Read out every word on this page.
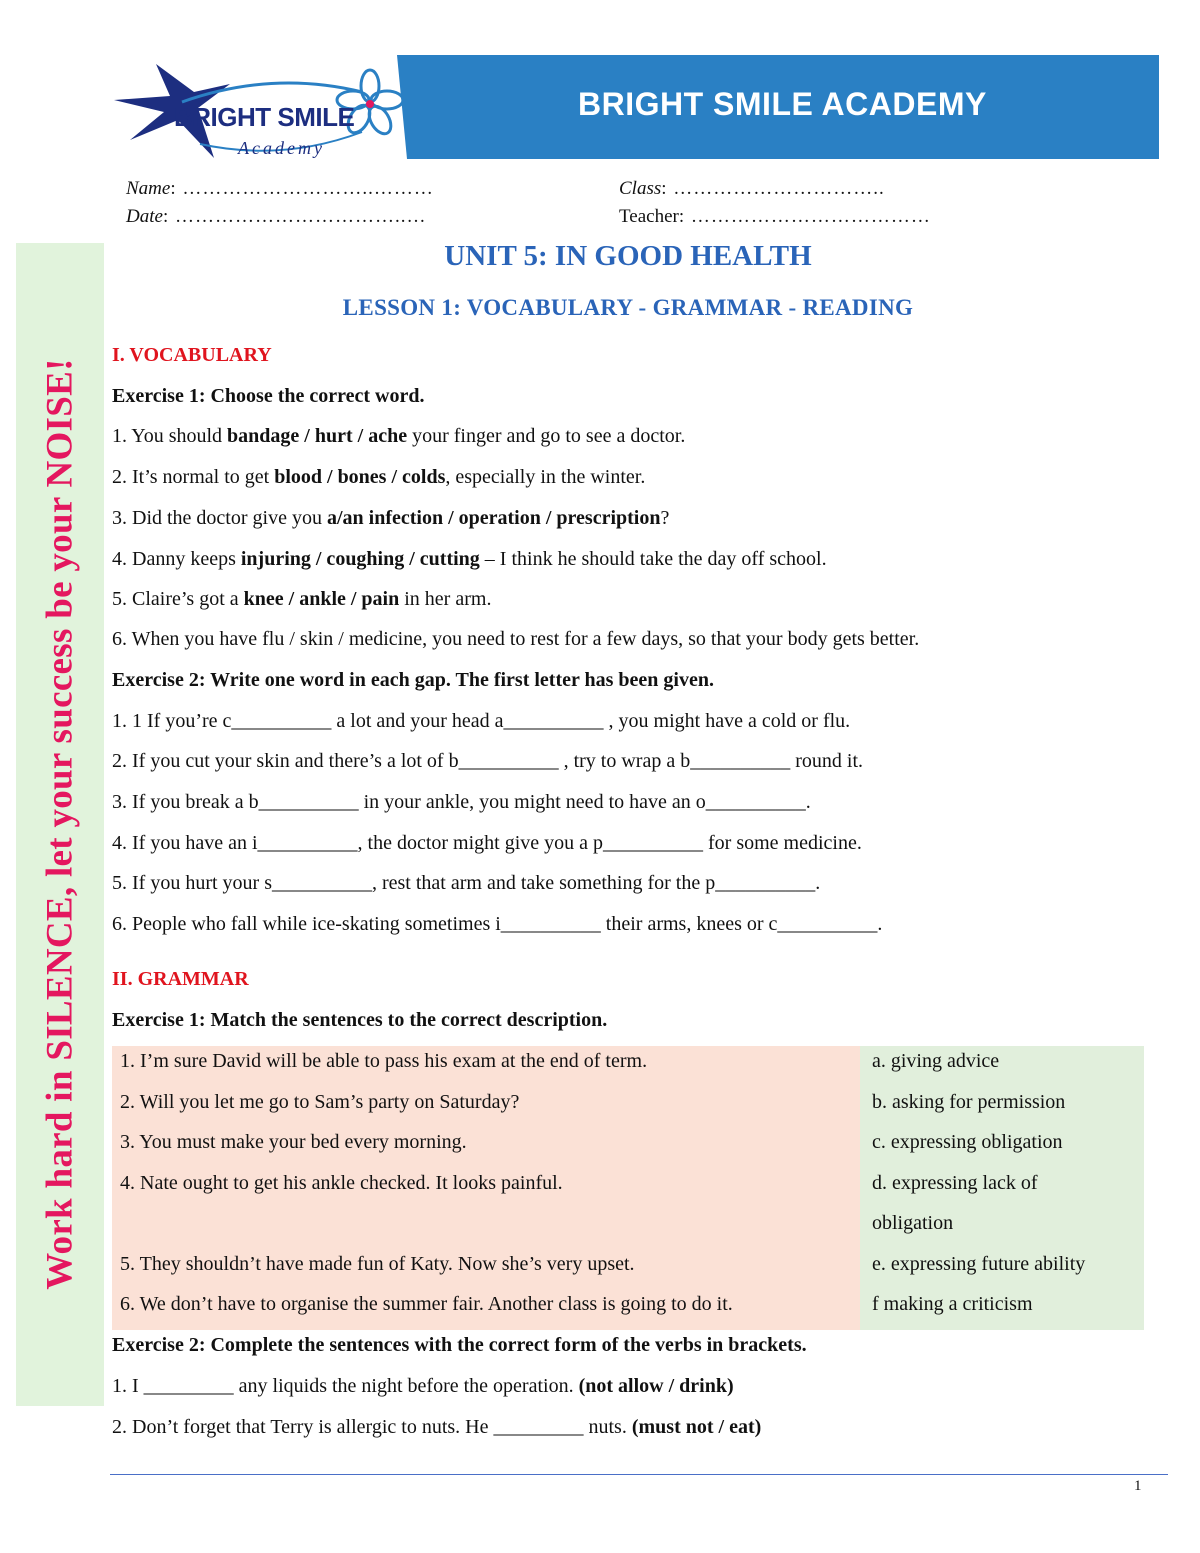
BRIGHT SMILE ACADEMY
BRIGHT SMILE
Academy
Name: ………………………..………	Class: …………………………..
Date: ……………………………..…	Teacher: ………………………………
Work hard in SILENCE, let your success be your NOISE!
UNIT 5: IN GOOD HEALTH
LESSON 1: VOCABULARY - GRAMMAR - READING
I. VOCABULARY
Exercise 1: Choose the correct word.
1. You should bandage / hurt / ache your finger and go to see a doctor.
2. It’s normal to get blood / bones / colds, especially in the winter.
3. Did the doctor give you a/an infection / operation / prescription?
4. Danny keeps injuring / coughing / cutting – I think he should take the day off school.
5. Claire’s got a knee / ankle / pain in her arm.
6. When you have flu / skin / medicine, you need to rest for a few days, so that your body gets better.
Exercise 2: Write one word in each gap. The first letter has been given.
1. 1 If you’re c__________ a lot and your head a__________ , you might have a cold or flu.
2. If you cut your skin and there’s a lot of b__________ , try to wrap a b__________ round it.
3. If you break a b__________ in your ankle, you might need to have an o__________.
4. If you have an i__________, the doctor might give you a p__________ for some medicine.
5. If you hurt your s__________, rest that arm and take something for the p__________.
6. People who fall while ice-skating sometimes i__________ their arms, knees or c__________.
II. GRAMMAR
Exercise 1: Match the sentences to the correct description.
1. I’m sure David will be able to pass his exam at the end of term.
2. Will you let me go to Sam’s party on Saturday?
3. You must make your bed every morning.
4. Nate ought to get his ankle checked. It looks painful.
5. They shouldn’t have made fun of Katy. Now she’s very upset.
6. We don’t have to organise the summer fair. Another class is going to do it.
a. giving advice
b. asking for permission
c. expressing obligation
d. expressing lack of
obligation
e. expressing future ability
f making a criticism
Exercise 2: Complete the sentences with the correct form of the verbs in brackets.
1. I _________ any liquids the night before the operation. (not allow / drink)
2. Don’t forget that Terry is allergic to nuts. He _________ nuts. (must not / eat)
1
